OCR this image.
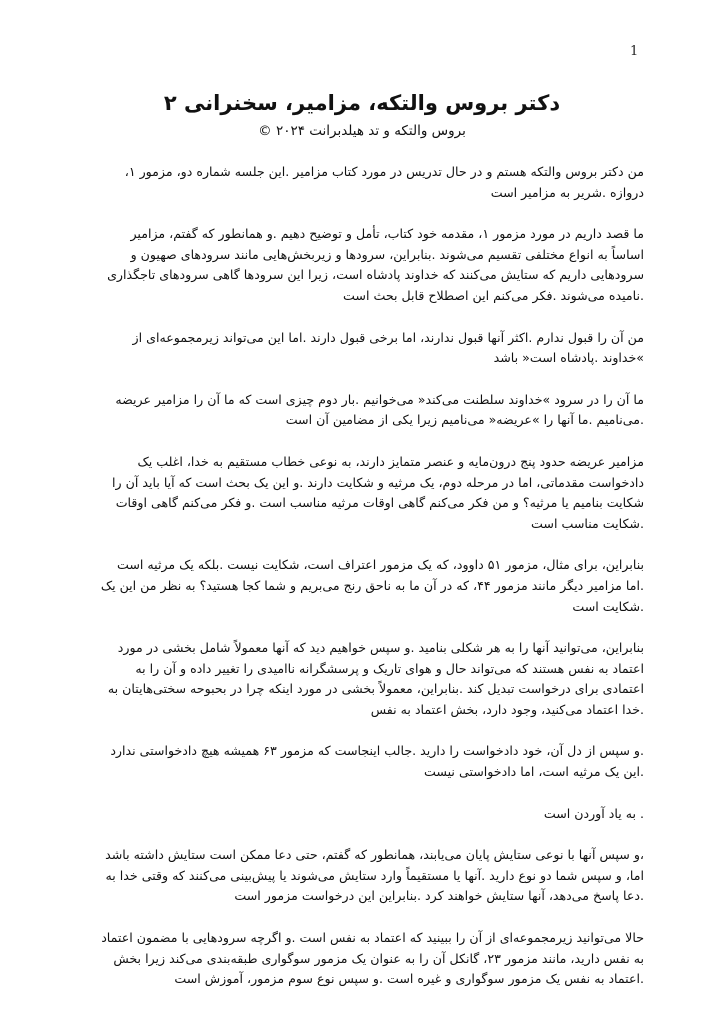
1
دکتر بروس والتکه، مزامیر، سخنرانی ۲
بروس والتکه و تد هیلدبرانت ۲۰۲۴ ©

من دکتر بروس والتکه هستم و در حال تدریس در مورد کتاب مزامیر .این جلسه شماره دو، مزمور ۱، دروازه .شریر به مزامیر است

ما قصد داریم در مورد مزمور ۱، مقدمه خود کتاب، تأمل و توضیح دهیم .و همانطور که گفتم، مزامیر اساساً به انواع مختلفی تقسیم می‌شوند .بنابراین، سرودها و زیربخش‌هایی مانند سرودهای صهیون و سرودهایی داریم که ستایش می‌کنند که خداوند پادشاه است، زیرا این سرودها گاهی سرودهای تاجگذاری .نامیده می‌شوند .فکر می‌کنم این اصطلاح قابل بحث است

من آن را قبول ندارم .اکثر آنها قبول ندارند، اما برخی قبول دارند .اما این می‌تواند زیرمجموعه‌ای از »خداوند .پادشاه است« باشد

ما آن را در سرود »خداوند سلطنت می‌کند« می‌خوانیم .بار دوم چیزی است که ما آن را مزامیر عریضه .می‌نامیم .ما آنها را »عریضه« می‌نامیم زیرا یکی از مضامین آن است

مزامیر عریضه حدود پنج درون‌مایه و عنصر متمایز دارند، به نوعی خطاب مستقیم به خدا، اغلب یک دادخواست مقدماتی، اما در مرحله دوم، یک مرثیه و شکایت دارند .و این یک بحث است که آیا باید آن را شکایت بنامیم یا مرثیه؟ و من فکر می‌کنم گاهی اوقات مرثیه مناسب است .و فکر می‌کنم گاهی اوقات .شکایت مناسب است

بنابراین، برای مثال، مزمور ۵۱ داوود، که یک مزمور اعتراف است، شکایت نیست .بلکه یک مرثیه است .اما مزامیر دیگر مانند مزمور ۴۴، که در آن ما به ناحق رنج می‌بریم و شما کجا هستید؟ به نظر من این یک .شکایت است

بنابراین، می‌توانید آنها را به هر شکلی بنامید .و سپس خواهیم دید که آنها معمولاً شامل بخشی در مورد اعتماد به نفس هستند که می‌تواند حال و هوای تاریک و پرسشگرانه ناامیدی را تغییر داده و آن را به اعتمادی برای درخواست تبدیل کند .بنابراین، معمولاً بخشی در مورد اینکه چرا در بحبوحه سختی‌هایتان به .خدا اعتماد می‌کنید، وجود دارد، بخش اعتماد به نفس

.و سپس از دل آن، خود دادخواست را دارید .جالب اینجاست که مزمور ۶۳ همیشه هیچ دادخواستی ندارد .این یک مرثیه است، اما دادخواستی نیست

. به یاد آوردن است

،و سپس آنها با نوعی ستایش پایان می‌یابند، همانطور که گفتم، حتی دعا ممکن است ستایش داشته باشد اما، و سپس شما دو نوع دارید .آنها یا مستقیماً وارد ستایش می‌شوند یا پیش‌بینی می‌کنند که وقتی خدا به .دعا پاسخ می‌دهد، آنها ستایش خواهند کرد .بنابراین این درخواست مزمور است

حالا می‌توانید زیرمجموعه‌ای از آن را ببینید که اعتماد به نفس است .و اگرچه سرودهایی با مضمون اعتماد به نفس دارید، مانند مزمور ۲۳، گانکل آن را به عنوان یک مزمور سوگواری طبقه‌بندی می‌کند زیرا بخش .اعتماد به نفس یک مزمور سوگواری و غیره است .و سپس نوع سوم مزمور، آموزش است
